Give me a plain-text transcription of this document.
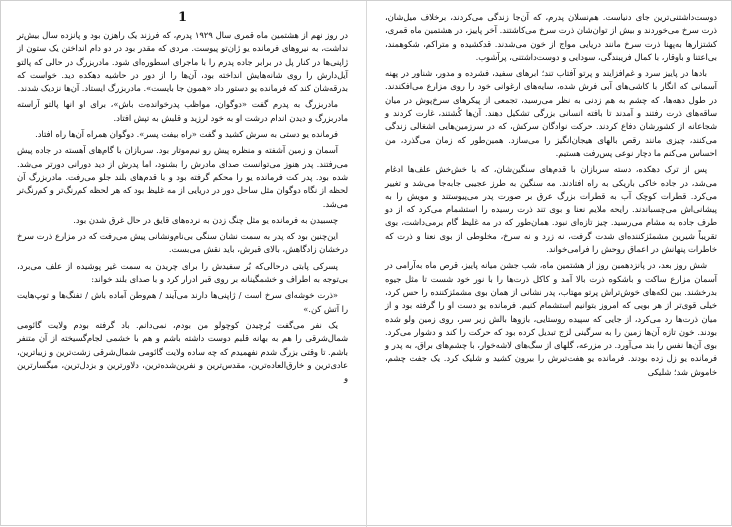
1

در روز نهم از هشتمین ماه قمری سال ۱۹۲۹ پدرم، که فرزند یک راهزن بود و پانزده سال بیش‌تر نداشت، به نیروهای فرمانده یو ژان‌تو پیوست. مردی که مقدر بود در دو دام انداختن یک ستون از ژاپنی‌ها در کنار پل در برابر جاده پدرم را با ماجرای اسطوره‌ای شود. مادربزرگ در حالی که پالتو آیل‌دارش را روی شانه‌هایش انداخته بود، آن‌ها را از دور در حاشیه دهکده دید. خواست که بدرقه‌شان کند که فرمانده یو دستور داد «همون جا بایست». مادربزرگ ایستاد. آن‌ها نزدیک شدند.

مادربزرگ به پدرم گفت «دوگوان، مواظب پدرخوانده‌ت باش»، برای او انها پالتو آراسته مادربزرگ و دیدن اندام درشت او به خود لرزید و قلبش به تپش افتاد.

فرمانده یو دستی به سرش کشید و گفت «راه بیفت پسر». دوگوان همراه آن‌ها راه افتاد.

آسمان و زمین آشفته و منظره پیش رو نیم‌موتار بود. سربازان با گام‌های آهسته در جاده پیش می‌رفتند. پدر هنوز می‌توانست صدای مادرش را بشنود، اما پدرش از دید دورانی دورتر می‌شد. شده بود. پدر کت فرمانده یو را محکم گرفته بود و با قدم‌های بلند جلو می‌رفت. مادربزرگ آن لحظه از نگاه دوگوان مثل ساحل دور در دریایی از مه غلیظ بود که هر لحظه کم‌رنگ‌تر و کم‌رنگ‌تر می‌شد.

چسبیدن به فرمانده یو مثل چنگ زدن به نرده‌های قایق در حال غرق شدن بود.

این‌چنین بود که پدر به سمت نشان سنگی بی‌نام‌ونشانی پیش می‌رفت که در مزارع ذرت سرخ درخشان زادگاهش، بالای قبرش، باید نقش می‌بست.

پسرکی پابتی درحالی‌که بُر سفیدش را برای چریدن به سمت غیر پوشیده از علف می‌برد، بی‌توجه به اطراف و خشمگینانه بر روی قبر ادرار کرد و با صدای بلند خواند:

«ذرت خوشه‌ای سرخ است / ژاپنی‌ها دارند می‌آیند / هم‌وطن آماده باش / تفنگ‌ها و توپ‌هایت را آتش کن.»

یک نفر می‌گفت بُرچیدن کوچولو من بودم، نمی‌دانم. باد گرفته بودم ولایت گائومی شمال‌شرقی را هم به بهانه قلبم دوست داشته باشم و هم با خشمی لجام‌گسیخته از آن متنفر باشم. تا وقتی بزرگ شدم نفهمیدم که چه ساده ولایت گائومی شمال‌شرقی زشت‌ترین و زیباترین، عادی‌ترین و خارق‌العاده‌ترین، مقدس‌ترین و نفرین‌شده‌ترین، دلاورترین و بزدل‌ترین، میگسارترین و

دوست‌داشتنی‌ترین جای دنیاست. هم‌نسلان پدرم، که آن‌جا زندگی می‌کردند، برخلاف میل‌شان، ذرت سرخ می‌خوردند و بیش از توان‌شان ذرت سرخ می‌کاشتند. آخر پاییز، در هشتمین ماه قمری، کشتزارها به‌پهنا ذرت سرخ مانند دریایی مواج از خون می‌شدند. قدکشیده و متراکم، شکوهمند، بی‌اعتنا و باوقار، با کمال فریبندگی، سودایی و دوست‌داشتنی، پرآشوب.

بادها در پاییز سرد و غم‌افزایند و پرتو آفتاب تند؛ ابرهای سفید، فشرده و مدور، شناور در پهنه آسمانی که انگار با کاشی‌های آبی فرش شده، سایه‌های ارغوانی خود را روی مزارع می‌افکندند. در طول دهه‌ها، که چشم به هم زدنی به نظر می‌رسید، تجمعی از پیکرهای سرخ‌پوش در میان ساقه‌های ذرت رفتند و آمدند تا بافته انسانی بزرگی تشکیل دهند. آن‌ها کُشتند، غارت کردند و شجاعانه از کشورشان دفاع کردند. حرکت نوادگان سرکش، که در سرزمین‌هایی اشغالی زندگی می‌کنند، چیزی مانند رقص بالهای هیجان‌انگیز را می‌سازد. همین‌طور که زمان می‌گذرد، من احساس می‌کنم ما دچار نوعی پس‌رفت هستیم.

پس از ترک دهکده، دسته سربازان با قدم‌های سنگین‌شان، که با خش‌خش علف‌ها ادغام می‌شد، در جاده خاکی باریکی به راه افتادند. مه سنگین به طرز عجیبی جابه‌جا می‌شد و تغییر می‌کرد. قطرات کوچک آب به قطرات بزرگ عرق بر صورت پدر می‌پیوستند و مویش را به پیشانی‌اش می‌چسباندند. رایحه ملایم نعنا و بوی تند ذرت رسیده را استشمام می‌کرد که از دو طرف جاده به مشام می‌رسید. چیز تازه‌ای نبود. همان‌طور که در مه غلیظ گام برمی‌داشت، بوی تقریباً شیرین مشمئزکننده‌ای شدت گرفت، نه زرد و نه سرخ، مخلوطی از بوی نعنا و ذرت که خاطرات پنهانش در اعماق روحش را فرامی‌خواند.

شش روز بعد، در پانزدهمین روز از هشتمین ماه، شب جشن میانه پاییز، قرص ماه به‌آرامی در آسمان مزارع ساکت و باشکوه ذرت بالا آمد و کاکل ذرت‌ها را با نور خود شست تا مثل جیوه بدرخشند. بین لکه‌های خوش‌تراش پرتو مهتاب، پدر نشانی از همان بوی مشمئزکننده را حس کرد، خیلی قوی‌تر از هر بویی که امروز بتوانیم استشمام کنیم. فرمانده یو دست او را گرفته بود و از میان ذرت‌ها رد می‌کرد، از جایی که سپیده روستایی، بازوها بالش زیر سر، روی زمین ولو شده بودند. خون تازه آن‌ها زمین را به سرگینی لزج تبدیل کرده بود که حرکت را کند و دشوار می‌کرد. بوی آن‌ها نفس را بند می‌آورد. در مزرعه، گلهای از سگ‌های لاشه‌خوار، با چشم‌های براق، به پدر و فرمانده یو زل زده بودند. فرمانده یو هفت‌تیرش را بیرون کشید و شلیک کرد. یک جفت چشم، خاموش شد؛ شلیکی
